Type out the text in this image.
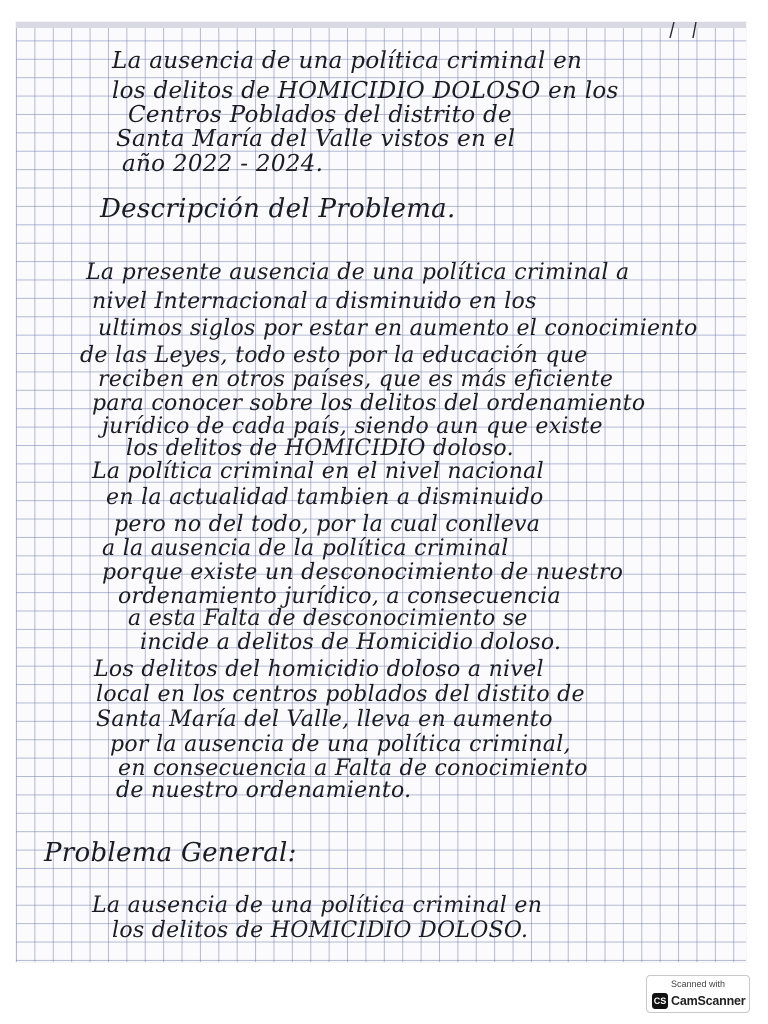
La ausencia de una política criminal en
los delitos de HOMICIDIO DOLOSO en los
Centros Poblados del distrito de
Santa María del Valle vistos en el
año 2022 - 2024.
Descripción del Problema.
La presente ausencia de una política criminal a
nivel Internacional a disminuido en los
ultimos siglos por estar en aumento el conocimiento
de las Leyes, todo esto por la educación que
reciben en otros países, que es más eficiente
para conocer sobre los delitos del ordenamiento
jurídico de cada país, siendo aun que existe
los delitos de HOMICIDIO doloso.
La política criminal en el nivel nacional
en la actualidad tambien a disminuido
pero no del todo, por la cual conlleva
a la ausencia de la política criminal
porque existe un desconocimiento de nuestro
ordenamiento jurídico, a consecuencia
a esta Falta de desconocimiento se
incide a delitos de Homicidio doloso.
Los delitos del homicidio doloso a nivel
local en los centros poblados del distito de
Santa María del Valle, lleva en aumento
por la ausencia de una política criminal,
en consecuencia a Falta de conocimiento
de nuestro ordenamiento.
Problema General:
La ausencia de una política criminal en
los delitos de HOMICIDIO DOLOSO.
Scanned with
CS CamScanner
